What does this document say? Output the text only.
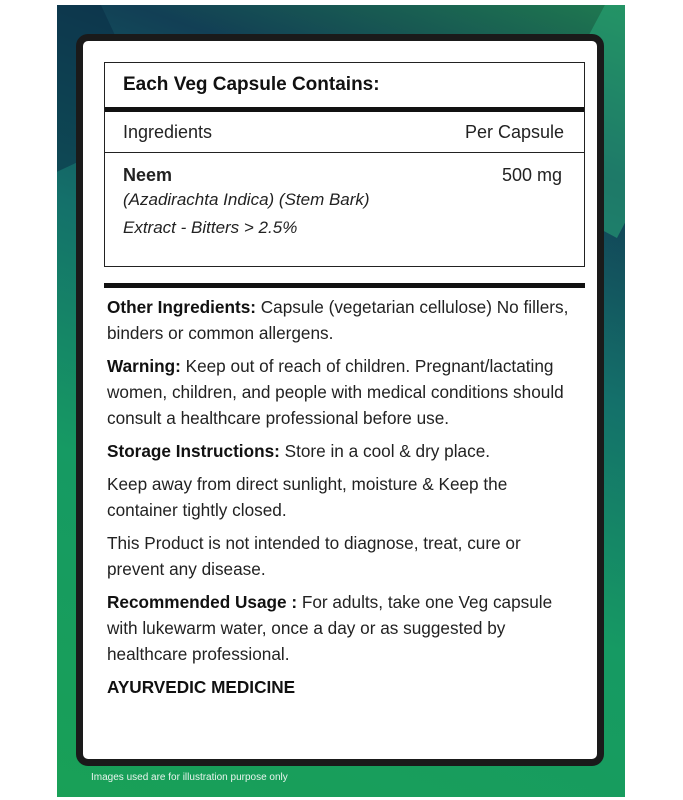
Each Veg Capsule Contains:
Ingredients	Per Capsule
Neem	500 mg
(Azadirachta Indica) (Stem Bark)
Extract - Bitters > 2.5%

Other Ingredients: Capsule (vegetarian cellulose) No fillers, binders or common allergens.

Warning: Keep out of reach of children. Pregnant/lactating women, children, and people with medical conditions should consult a healthcare professional before use.

Storage Instructions: Store in a cool & dry place.

Keep away from direct sunlight, moisture & Keep the container tightly closed.

This Product is not intended to diagnose, treat, cure or prevent any disease.

Recommended Usage : For adults, take one Veg capsule with lukewarm water, once a day or as suggested by healthcare professional.

AYURVEDIC MEDICINE

Images used are for illustration purpose only
